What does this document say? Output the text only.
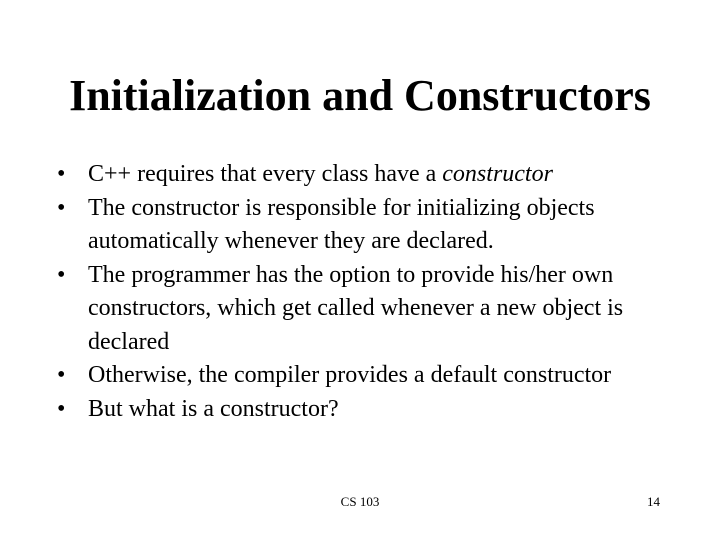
Initialization and Constructors
• C++ requires that every class have a constructor
• The constructor is responsible for initializing objects automatically whenever they are declared.
• The programmer has the option to provide his/her own constructors, which get called whenever a new object is declared
• Otherwise, the compiler provides a default constructor
• But what is a constructor?
CS 103	14
